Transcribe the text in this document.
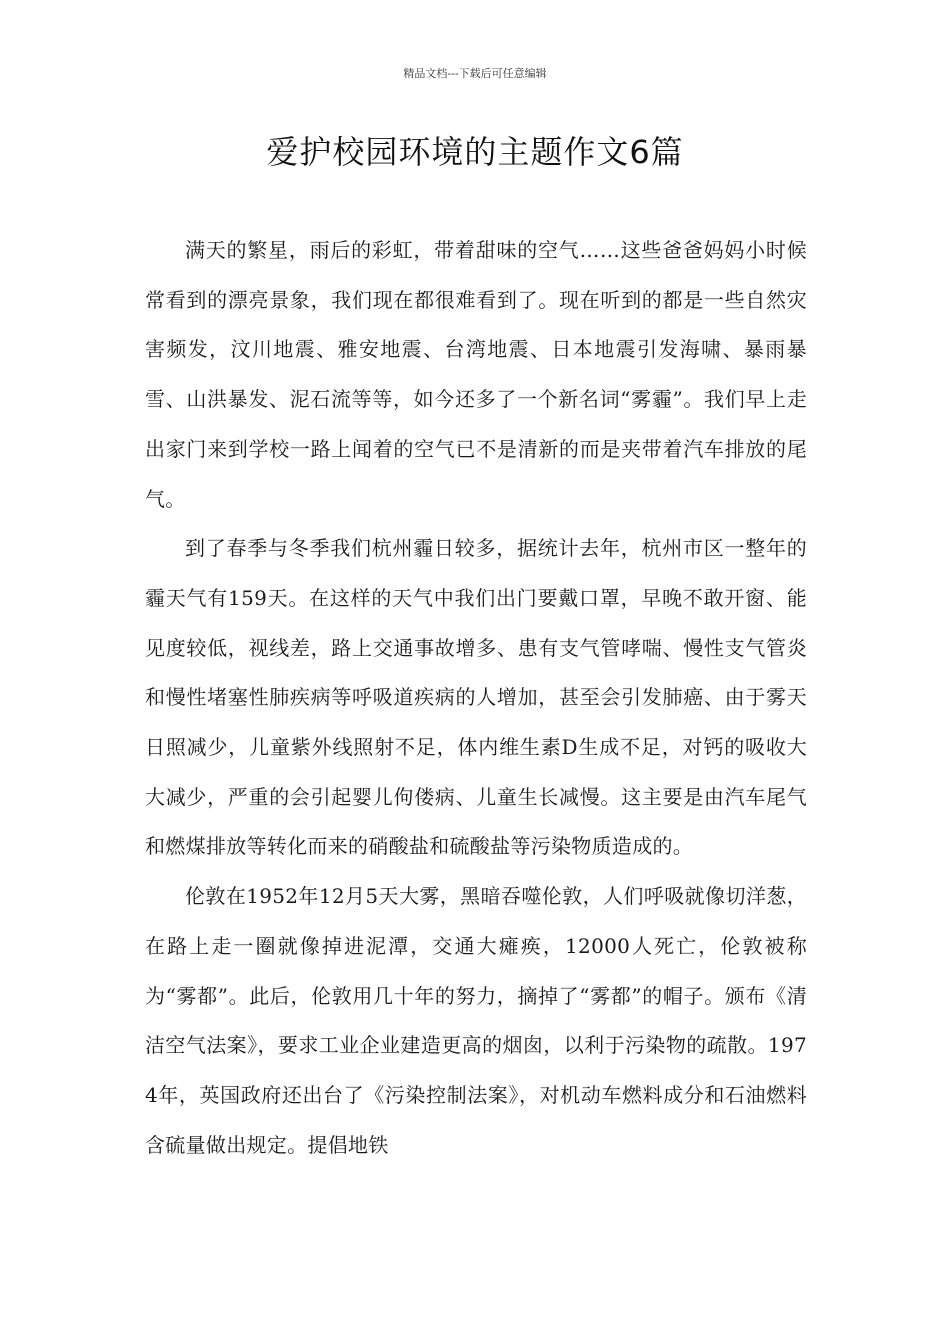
精品文档---下载后可任意编辑
爱护校园环境的主题作文6篇

满天的繁星，雨后的彩虹，带着甜味的空气……这些爸爸妈妈小时候常看到的漂亮景象，我们现在都很难看到了。现在听到的都是一些自然灾害频发，汶川地震、雅安地震、台湾地震、日本地震引发海啸、暴雨暴雪、山洪暴发、泥石流等等，如今还多了一个新名词“雾霾”。我们早上走出家门来到学校一路上闻着的空气已不是清新的而是夹带着汽车排放的尾气。

到了春季与冬季我们杭州霾日较多，据统计去年，杭州市区一整年的霾天气有159天。在这样的天气中我们出门要戴口罩，早晚不敢开窗、能见度较低，视线差，路上交通事故增多、患有支气管哮喘、慢性支气管炎和慢性堵塞性肺疾病等呼吸道疾病的人增加，甚至会引发肺癌、由于雾天日照减少，儿童紫外线照射不足，体内维生素D生成不足，对钙的吸收大大减少，严重的会引起婴儿佝偻病、儿童生长减慢。这主要是由汽车尾气和燃煤排放等转化而来的硝酸盐和硫酸盐等污染物质造成的。

伦敦在1952年12月5天大雾，黑暗吞噬伦敦，人们呼吸就像切洋葱，在路上走一圈就像掉进泥潭，交通大瘫痪，12000人死亡，伦敦被称为“雾都”。此后，伦敦用几十年的努力，摘掉了“雾都”的帽子。颁布《清洁空气法案》，要求工业企业建造更高的烟囱，以利于污染物的疏散。1974年，英国政府还出台了《污染控制法案》，对机动车燃料成分和石油燃料含硫量做出规定。提倡地铁
